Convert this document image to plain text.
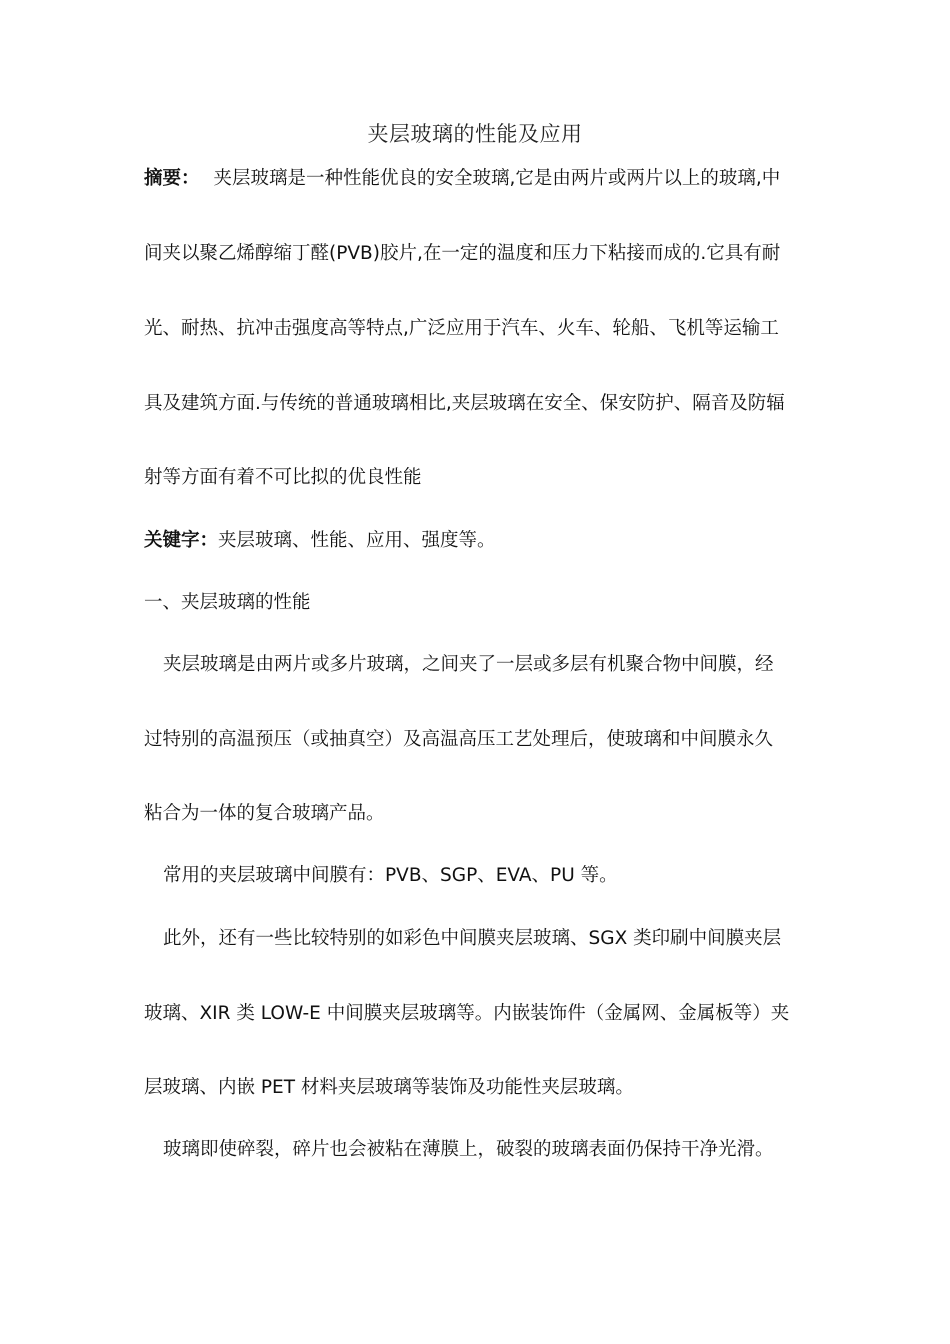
夹层玻璃的性能及应用
摘要： 夹层玻璃是一种性能优良的安全玻璃,它是由两片或两片以上的玻璃,中
间夹以聚乙烯醇缩丁醛(PVB)胶片,在一定的温度和压力下粘接而成的.它具有耐
光、耐热、抗冲击强度高等特点,广泛应用于汽车、火车、轮船、飞机等运输工
具及建筑方面.与传统的普通玻璃相比,夹层玻璃在安全、保安防护、隔音及防辐
射等方面有着不可比拟的优良性能
关键字：夹层玻璃、性能、应用、强度等。
一、夹层玻璃的性能
夹层玻璃是由两片或多片玻璃，之间夹了一层或多层有机聚合物中间膜，经
过特别的高温预压（或抽真空）及高温高压工艺处理后，使玻璃和中间膜永久
粘合为一体的复合玻璃产品。
常用的夹层玻璃中间膜有：PVB、SGP、EVA、PU 等。
此外，还有一些比较特别的如彩色中间膜夹层玻璃、SGX 类印刷中间膜夹层
玻璃、XIR 类 LOW-E 中间膜夹层玻璃等。内嵌装饰件（金属网、金属板等）夹
层玻璃、内嵌 PET 材料夹层玻璃等装饰及功能性夹层玻璃。
玻璃即使碎裂，碎片也会被粘在薄膜上，破裂的玻璃表面仍保持干净光滑。
